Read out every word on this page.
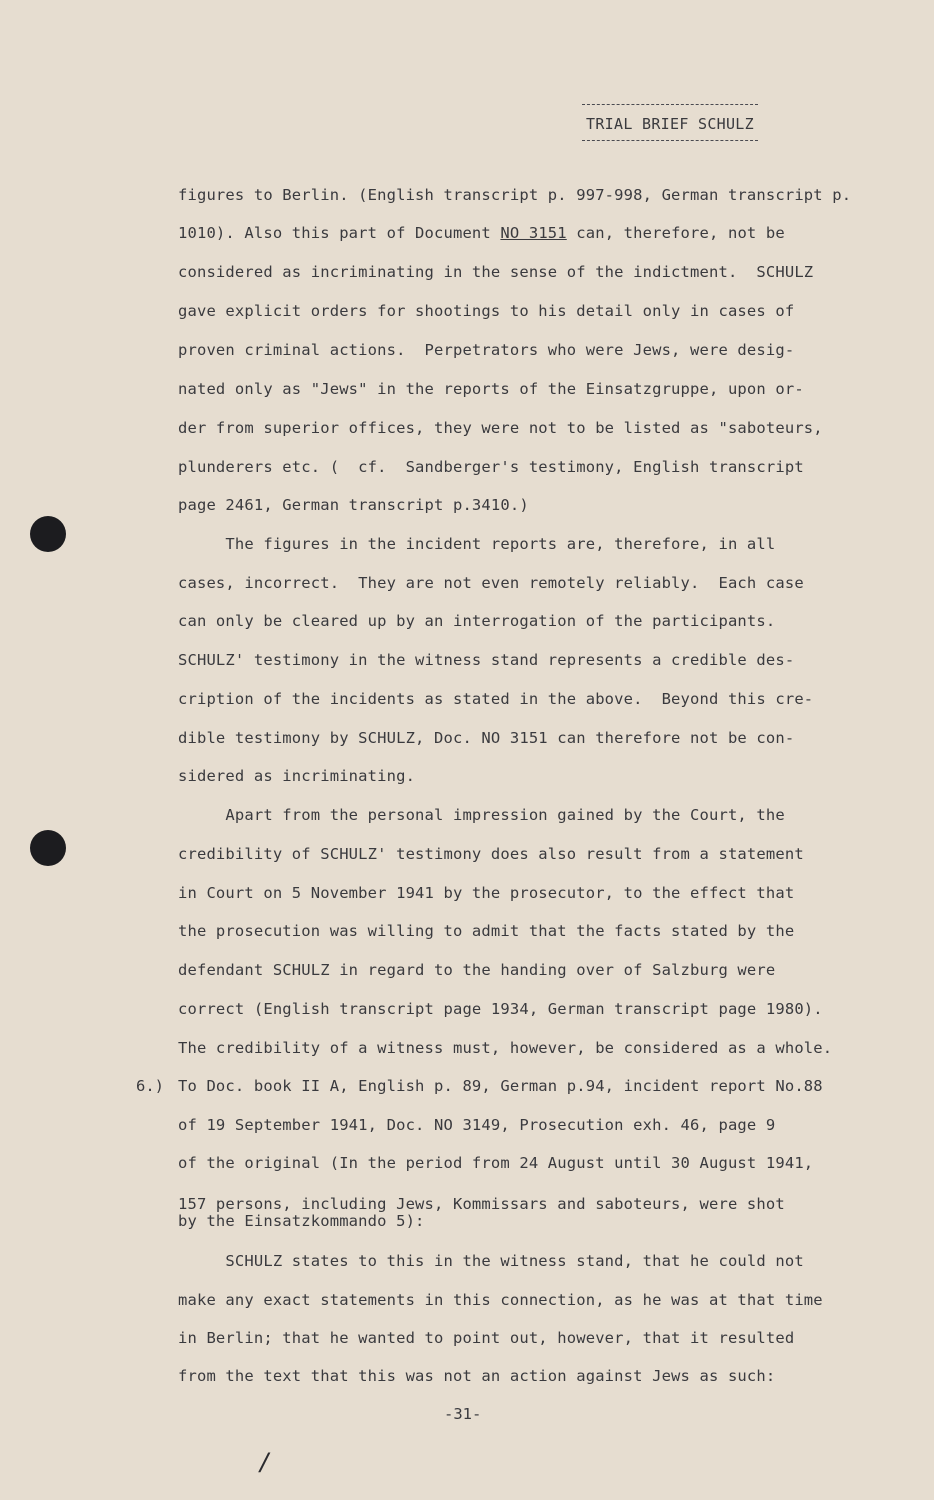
TRIAL BRIEF SCHULZ
figures to Berlin. (English transcript p. 997-998, German transcript p.
1010). Also this part of Document NO 3151 can, therefore, not be
considered as incriminating in the sense of the indictment.  SCHULZ
gave explicit orders for shootings to his detail only in cases of
proven criminal actions.  Perpetrators who were Jews, were desig-
nated only as "Jews" in the reports of the Einsatzgruppe, upon or-
der from superior offices, they were not to be listed as "saboteurs,
plunderers etc. (  cf.  Sandberger's testimony, English transcript
page 2461, German transcript p.3410.)
The figures in the incident reports are, therefore, in all
cases, incorrect.  They are not even remotely reliably.  Each case
can only be cleared up by an interrogation of the participants.
SCHULZ' testimony in the witness stand represents a credible des-
cription of the incidents as stated in the above.  Beyond this cre-
dible testimony by SCHULZ, Doc. NO 3151 can therefore not be con-
sidered as incriminating.
Apart from the personal impression gained by the Court, the
credibility of SCHULZ' testimony does also result from a statement
in Court on 5 November 1941 by the prosecutor, to the effect that
the prosecution was willing to admit that the facts stated by the
defendant SCHULZ in regard to the handing over of Salzburg were
correct (English transcript page 1934, German transcript page 1980).
The credibility of a witness must, however, be considered as a whole.
6.) To Doc. book II A, English p. 89, German p.94, incident report No.88
of 19 September 1941, Doc. NO 3149, Prosecution exh. 46, page 9
of the original (In the period from 24 August until 30 August 1941,
157 persons, including Jews, Kommissars and saboteurs, were shot
by the Einsatzkommando 5):
SCHULZ states to this in the witness stand, that he could not
make any exact statements in this connection, as he was at that time
in Berlin; that he wanted to point out, however, that it resulted
from the text that this was not an action against Jews as such:
-31-
/
